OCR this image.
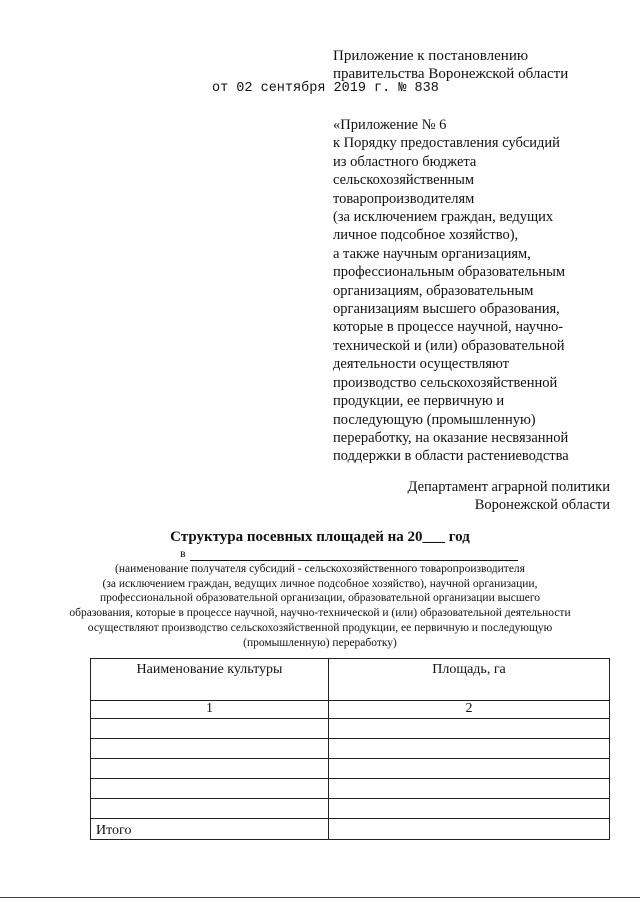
Приложение к постановлению
правительства Воронежской области
от 02 сентября 2019 г. № 838
«Приложение № 6
к Порядку предоставления субсидий
из областного бюджета
сельскохозяйственным
товаропроизводителям
(за исключением граждан, ведущих
личное подсобное хозяйство),
а также научным организациям,
профессиональным образовательным
организациям, образовательным
организациям высшего образования,
которые в процессе научной, научно-
технической и (или) образовательной
деятельности осуществляют
производство сельскохозяйственной
продукции, ее первичную и
последующую (промышленную)
переработку, на оказание несвязанной
поддержки в области растениеводства
Департамент аграрной политики
Воронежской области
Структура посевных площадей на 20___ год
в
(наименование получателя субсидий - сельскохозяйственного товаропроизводителя
(за исключением граждан, ведущих личное подсобное хозяйство), научной организации,
профессиональной образовательной организации, образовательной организации высшего
образования, которые в процессе научной, научно-технической и (или) образовательной деятельности
осуществляют производство сельскохозяйственной продукции, ее первичную и последующую
(промышленную) переработку)
Наименование культуры	Площадь, га
1	2

Итого	
